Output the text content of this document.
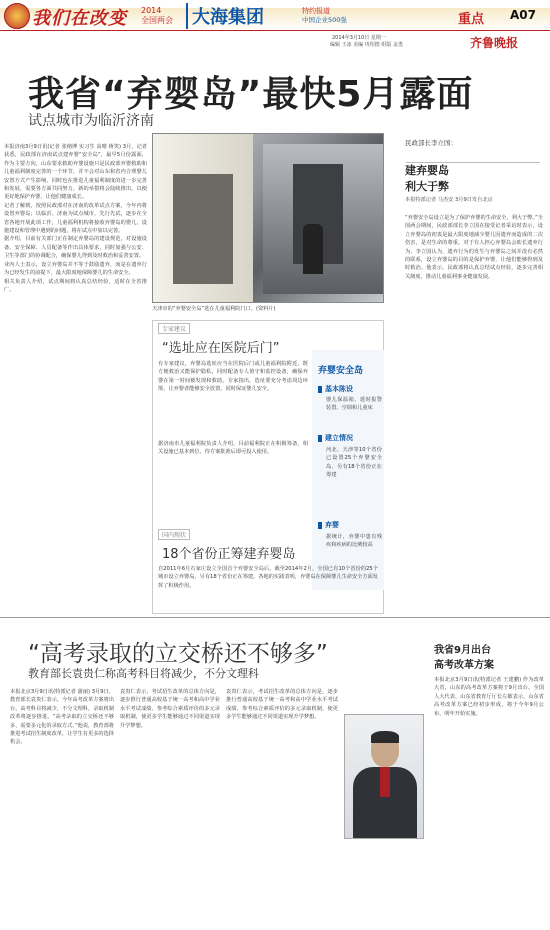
我们在改变 2014
全国两会	大海集团	特约报道
中国企业500强	重点 A07
2014年3月10日 星期一
编辑 王冰 美编 巩绍德 组版 盖勇	齐鲁晚报
我省“弃婴岛”最快5月露面
试点城市为临沂济南

本报济南3月9日讯(记者 张榕博 实习生 高晴 蒋笑) 3月，记者获悉，民政部在济南试点建弃婴“安全岛”，最早5月份露面，作为主要方向，山东要求救助弃婴设施只是民政部弃婴救助和儿童福利制度完善的一个环节，并不会对山东和省内合理婴儿安置方式产生影响，同时也在推进儿童福利制度的进一步完善和发展，需要各方面共同努力，新的举措将会陆续推出，以便更好地保护弃婴，让他们健康成长。

记者了解到，按照民政部对在济南的改革试点方案，今年内将设置弃婴岛；以临沂、济南为试点城市，先行先试，逐步在全省各地开展此项工作，儿童福利机构将接收弃婴岛的婴儿，设施建设和管理中遇到的问题，将在试点中加以完善。

据介绍，目前有关部门正在制定弃婴岛的建设规范，对设施设备、安全保障、人员配备等作出具体要求，同时加强与公安、卫生等部门的协调配合，确保婴儿得到及时救治和妥善安置。

业内人士表示，设立弃婴岛并不等于鼓励遗弃，而是在遗弃行为已经发生的前提下，最大限度地保障婴儿的生命安全。

相关负责人介绍，试点期间将认真总结经验，适时在全省推广。

天津市的“弃婴安全岛”选在儿童福利院门口。(资料片)
民政部长李立国：
建弃婴岛
利大于弊
本报特派记者 马杰安 3月9日发自北京
“弃婴安全岛设立是为了保护弃婴的生命安全，利大于弊。”全国两会期间，民政部部长李立国在接受记者采访时表示，设立弃婴岛的初衷是最大限度地减少婴儿因遗弃而造成的二次伤害，是对生命的尊重。对于有人担心弃婴岛会助长遗弃行为，李立国认为，遗弃行为的发生与弃婴岛之间并没有必然的联系，设立弃婴岛的目的是保护弃婴，让他们能够得到及时救治。他表示，民政部将认真总结试点经验，逐步完善相关制度，推动儿童福利事业健康发展。
专家建议
“选址应在医院后门”
有专家建议，弃婴岛选址应当在医院后门或儿童福利院附近，既方便救治又能保护隐私，同时配备专人值守和监控设备，确保弃婴在第一时间被发现和救助。专家指出，选址要充分考虑周边环境，让弃婴者能够安全放置，同时保证婴儿安全。
据济南市儿童福利院负责人介绍，目前福利院正在积极筹备，相关设施已基本到位，待方案批准后即可投入使用。
弃婴安全岛
基本陈设
婴儿保温箱、延时报警装置、空调和儿童床
建立情况
河北、天津等10个省份已设置25个弃婴安全岛，另有18个省份正在筹建
弃婴
据统计，弃婴中患有残疾和疾病的比例较高
国内现状
18个省份正筹建弃婴岛
自2011年6月石家庄设立全国首个弃婴安全岛后，截至2014年2月，全国已有10个省份的25个城市设立弃婴岛，另有18个省份正在筹建。各地的实践表明，弃婴岛在保障婴儿生命安全方面发挥了积极作用。
“高考录取的立交桥还不够多”
教育部长袁贵仁称高考科目将减少，不分文理科
本报北京3月9日讯(特派记者 蒲丽) 3月9日，教育部长袁贵仁表示，今年高考改革方案将出台，高考科目将减少，不分文理科，录取机制改革将逐步推进。“高考录取的立交桥还不够多，需要多元化的录取方式。”他说，教育部将推进考试招生制度改革，让学生有更多的选择机会。
袁贵仁表示，考试招生改革的总体方向是，逐步推行普通高校基于统一高考和高中学业水平考试成绩、参考综合素质评价的多元录取机制，使更多学生能够通过不同渠道实现升学梦想。
袁贵仁表示，考试招生改革的总体方向是，逐步推行普通高校基于统一高考和高中学业水平考试成绩、参考综合素质评价的多元录取机制，使更多学生能够通过不同渠道实现升学梦想。
袁贵仁
我省9月出台
高考改革方案
本报北京3月9日讯(特派记者 王建鹏) 作为改革大省，山东的高考改革方案将于9月出台。全国人大代表、山东省教育厅厅长左敏表示，山东省高考改革方案已经初步形成，将于今年9月公布，明年开始实施。
